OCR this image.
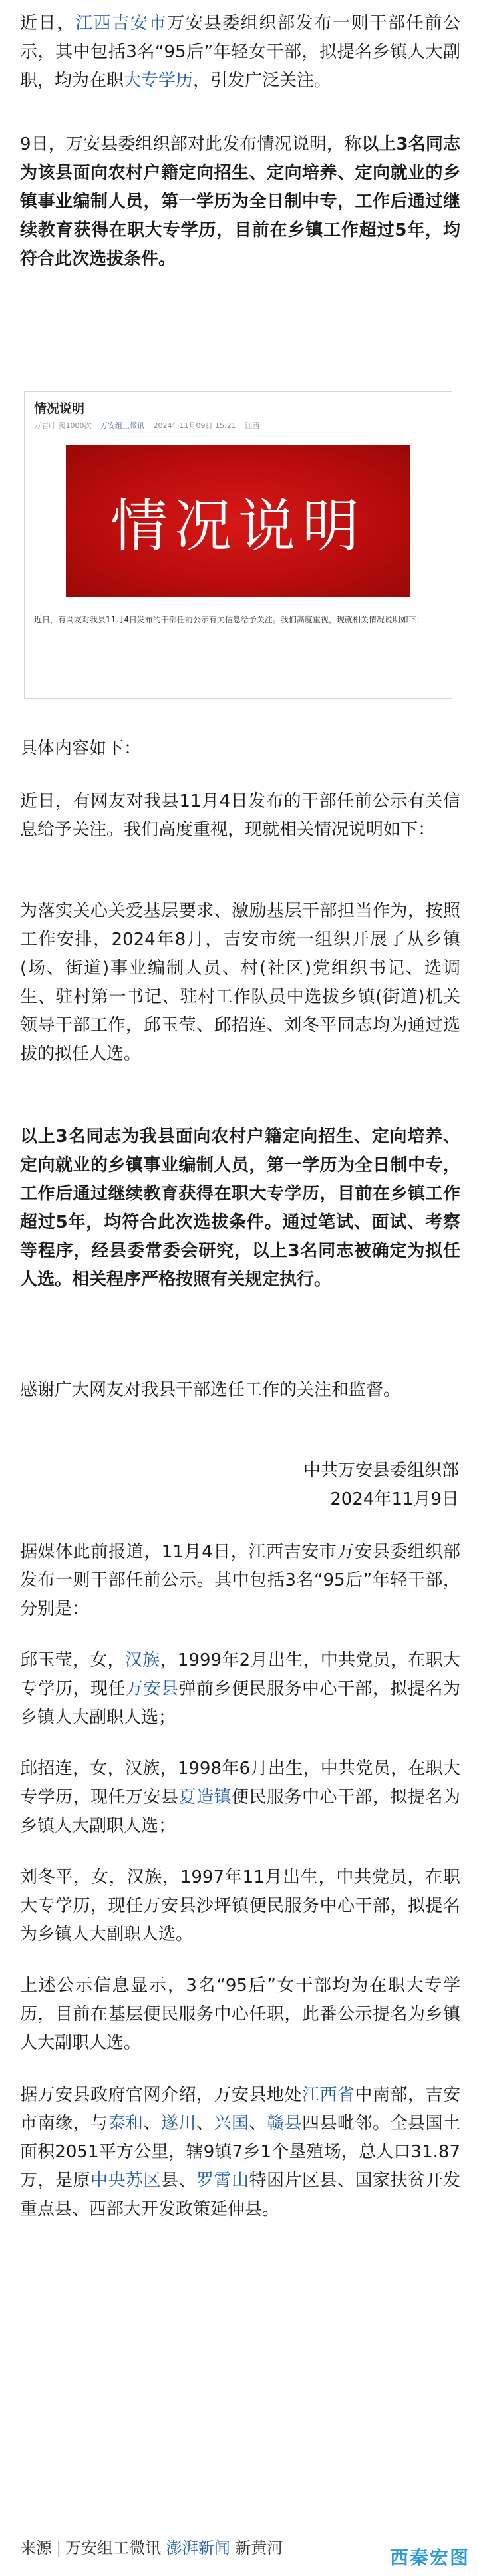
近日，江西吉安市万安县委组织部发布一则干部任前公示，其中包括3名“95后”年轻女干部，拟提名乡镇人大副职，均为在职大专学历，引发广泛关注。

9日，万安县委组织部对此发布情况说明，称以上3名同志为该县面向农村户籍定向招生、定向培养、定向就业的乡镇事业编制人员，第一学历为全日制中专，工作后通过继续教育获得在职大专学历，目前在乡镇工作超过5年，均符合此次选拔条件。

情况说明

万岩叶 阅1000次 万安组工微讯 2024年11月09日 15:21 江西

情况说明

近日，有网友对我县11月4日发布的干部任前公示有关信息给予关注。我们高度重视，现就相关情况说明如下：

具体内容如下：

近日，有网友对我县11月4日发布的干部任前公示有关信息给予关注。我们高度重视，现就相关情况说明如下：

为落实关心关爱基层要求、激励基层干部担当作为，按照工作安排，2024年8月，吉安市统一组织开展了从乡镇(场、街道)事业编制人员、村(社区)党组织书记、选调生、驻村第一书记、驻村工作队员中选拔乡镇(街道)机关领导干部工作，邱玉莹、邱招连、刘冬平同志均为通过选拔的拟任人选。

以上3名同志为我县面向农村户籍定向招生、定向培养、定向就业的乡镇事业编制人员，第一学历为全日制中专，工作后通过继续教育获得在职大专学历，目前在乡镇工作超过5年，均符合此次选拔条件。通过笔试、面试、考察等程序，经县委常委会研究，以上3名同志被确定为拟任人选。相关程序严格按照有关规定执行。

感谢广大网友对我县干部选任工作的关注和监督。

中共万安县委组织部

2024年11月9日

据媒体此前报道，11月4日，江西吉安市万安县委组织部发布一则干部任前公示。其中包括3名“95后”年轻干部，分别是：

邱玉莹，女，汉族，1999年2月出生，中共党员，在职大专学历，现任万安县弹前乡便民服务中心干部，拟提名为乡镇人大副职人选；

邱招连，女，汉族，1998年6月出生，中共党员，在职大专学历，现任万安县夏造镇便民服务中心干部，拟提名为乡镇人大副职人选；

刘冬平，女，汉族，1997年11月出生，中共党员，在职大专学历，现任万安县沙坪镇便民服务中心干部，拟提名为乡镇人大副职人选。

上述公示信息显示，3名“95后”女干部均为在职大专学历，目前在基层便民服务中心任职，此番公示提名为乡镇人大副职人选。

据万安县政府官网介绍，万安县地处江西省中南部，吉安市南缘，与泰和、遂川、兴国、赣县四县毗邻。全县国土面积2051平方公里，辖9镇7乡1个垦殖场，总人口31.87万，是原中央苏区县、罗霄山特困片区县、国家扶贫开发重点县、西部大开发政策延伸县。

来源 | 万安组工微讯 澎湃新闻 新黄河	西秦宏图
